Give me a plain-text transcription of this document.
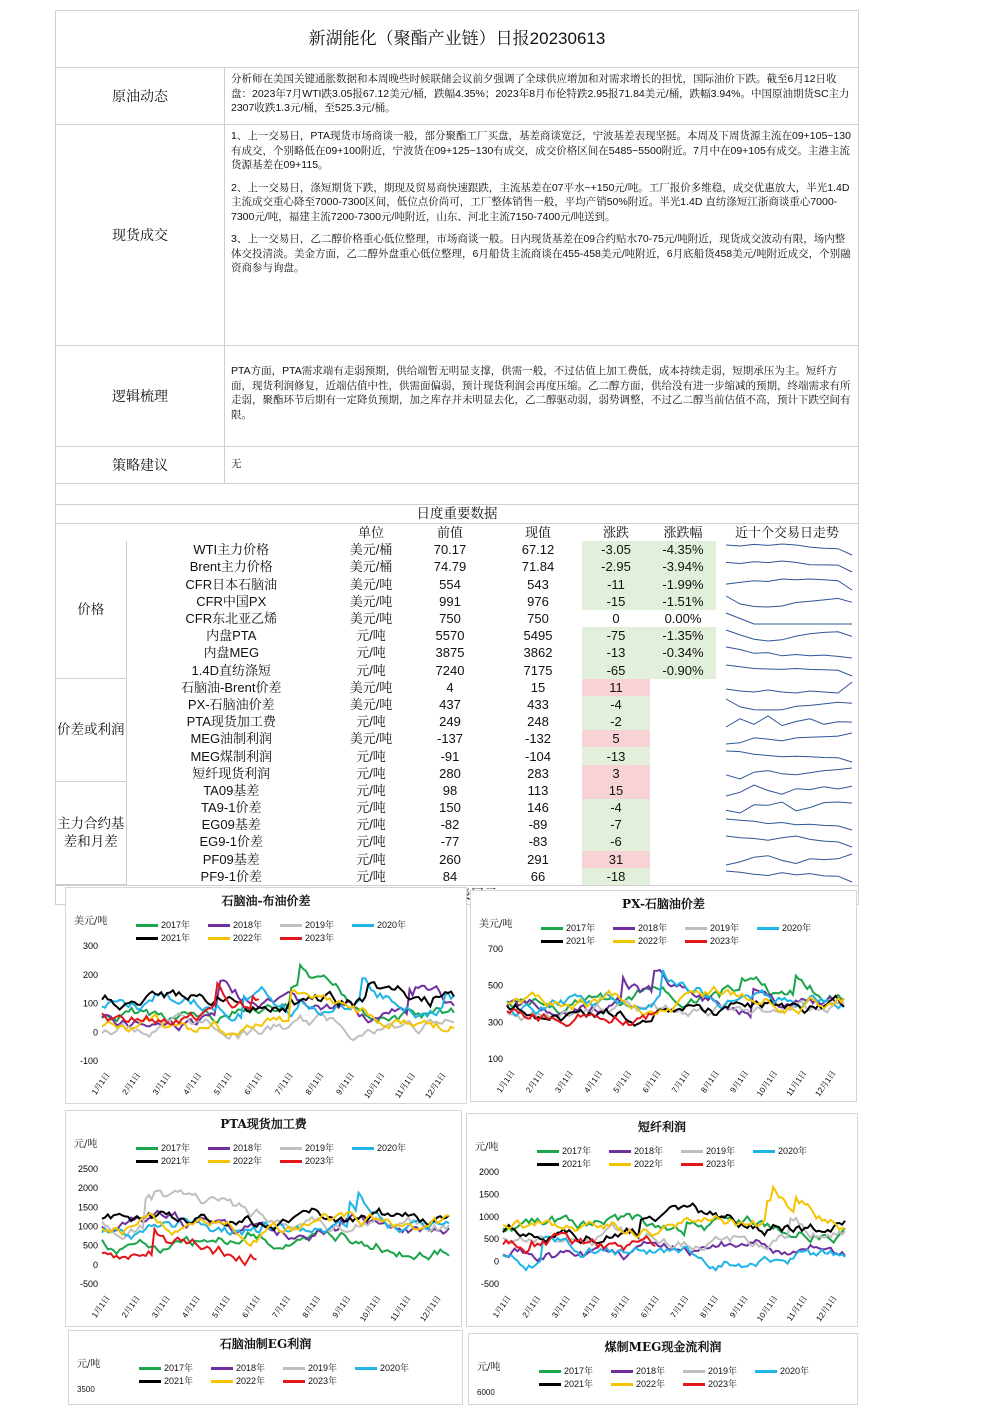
新湖能化（聚酯产业链）日报20230613
原油动态
分析师在美国关键通胀数据和本周晚些时候联储会议前夕强调了全球供应增加和对需求增长的担忧，国际油价下跌。截至6月12日收盘：2023年7月WTI跌3.05报67.12美元/桶，跌幅4.35%；2023年8月布伦特跌2.95报71.84美元/桶，跌幅3.94%。中国原油期货SC主力2307收跌1.3元/桶，至525.3元/桶。
现货成交

1、上一交易日，PTA现货市场商谈一般，部分聚酯工厂买盘，基差商谈宽泛，宁波基差表现坚挺。本周及下周货源主流在09+105~130有成交，个别略低在09+100附近，宁波货在09+125~130有成交，成交价格区间在5485~5500附近。7月中在09+105有成交。主港主流货源基差在09+115。

2、上一交易日，涤短期货下跌，期现及贸易商快速跟跌，主流基差在07平水~+150元/吨。工厂报价多维稳，成交优惠放大，半光1.4D 主流成交重心降至7000-7300区间，低位点价尚可，工厂整体销售一般，平均产销50%附近。半光1.4D 直纺涤短江浙商谈重心7000-7300元/吨，福建主流7200-7300元/吨附近，山东、河北主流7150-7400元/吨送到。

3、上一交易日，乙二醇价格重心低位整理，市场商谈一般。日内现货基差在09合约贴水70-75元/吨附近，现货成交波动有限，场内整体交投清淡。美金方面，乙二醇外盘重心低位整理，6月船货主流商谈在455-458美元/吨附近，6月底船货458美元/吨附近成交，个别融资商参与询盘。

逻辑梳理
PTA方面，PTA需求端有走弱预期，供给端暂无明显支撑，供需一般，不过估值上加工费低，成本持续走弱，短期承压为主。短纤方面，现货利润修复，近端估值中性，供需面偏弱，预计现货利润会再度压缩。乙二醇方面，供给没有进一步缩减的预期，终端需求有所走弱，聚酯环节后期有一定降负预期，加之库存并未明显去化，乙二醇驱动弱，弱势调整，不过乙二醇当前估值不高，预计下跌空间有限。
策略建议	无
日度重要数据
		单位	前值	现值	涨跌	涨跌幅	近十个交易日走势
价格	WTI主力价格	美元/桶	70.17	67.12	-3.05	-4.35%	

	Brent主力价格	美元/桶	74.79	71.84	-2.95	-3.94%	

	CFR日本石脑油	美元/吨	554	543	-11	-1.99%	

	CFR中国PX	美元/吨	991	976	-15	-1.51%	

	CFR东北亚乙烯	美元/吨	750	750	0	0.00%	

	内盘PTA	元/吨	5570	5495	-75	-1.35%	

	内盘MEG	元/吨	3875	3862	-13	-0.34%	

	1.4D直纺涤短	元/吨	7240	7175	-65	-0.90%	

价差或利润	石脑油-Brent价差	美元/吨	4	15	11		

	PX-石脑油价差	美元/吨	437	433	-4		

	PTA现货加工费	元/吨	249	248	-2		

	MEG油制利润	美元/吨	-137	-132	5		

	MEG煤制利润	元/吨	-91	-104	-13		

	短纤现货利润	元/吨	280	283	3		

主力合约基差和月差	TA09基差	元/吨	98	113	15		

	TA9-1价差	元/吨	150	146	-4		

	EG09基差	元/吨	-82	-89	-7		

	EG9-1价差	元/吨	-77	-83	-6		

	PF09基差	元/吨	260	291	31		

	PF9-1价差	元/吨	84	66	-18		
石脑油-布油价差
美元/吨	2017年	2018年	2019年	2020年2021年	2022年	2023年
300
200
100
0
-100
1月1日 2月1日 3月1日 4月1日 5月1日 6月1日 7月1日 8月1日 9月1日 10月1日 11月1日 12月1日
PX-石脑油价差
美元/吨	2017年	2018年	2019年	2020年2021年	2022年	2023年
700
500
300
100
1月1日 2月1日 3月1日 4月1日 5月1日 6月1日 7月1日 8月1日 9月1日 10月1日 11月1日 12月1日
PTA现货加工费
元/吨	2017年	2018年	2019年	2020年2021年	2022年	2023年
2500
2000
1500
1000
500
0
-500
1月1日 2月1日 3月1日 4月1日 5月1日 6月1日 7月1日 8月1日 9月1日 10月1日 11月1日 12月1日
短纤利润
元/吨	2017年	2018年	2019年	2020年2021年	2022年	2023年
2000
1500
1000
500
0
-500
1月1日 2月1日 3月1日 4月1日 5月1日 6月1日 7月1日 8月1日 9月1日 10月1日 11月1日 12月1日
石脑油制EG利润
元/吨	2017年	2018年	2019年	2020年2021年	2022年	2023年
3500
煤制MEG现金流利润
元/吨	2017年	2018年	2019年	2020年2021年	2022年	2023年
6000
